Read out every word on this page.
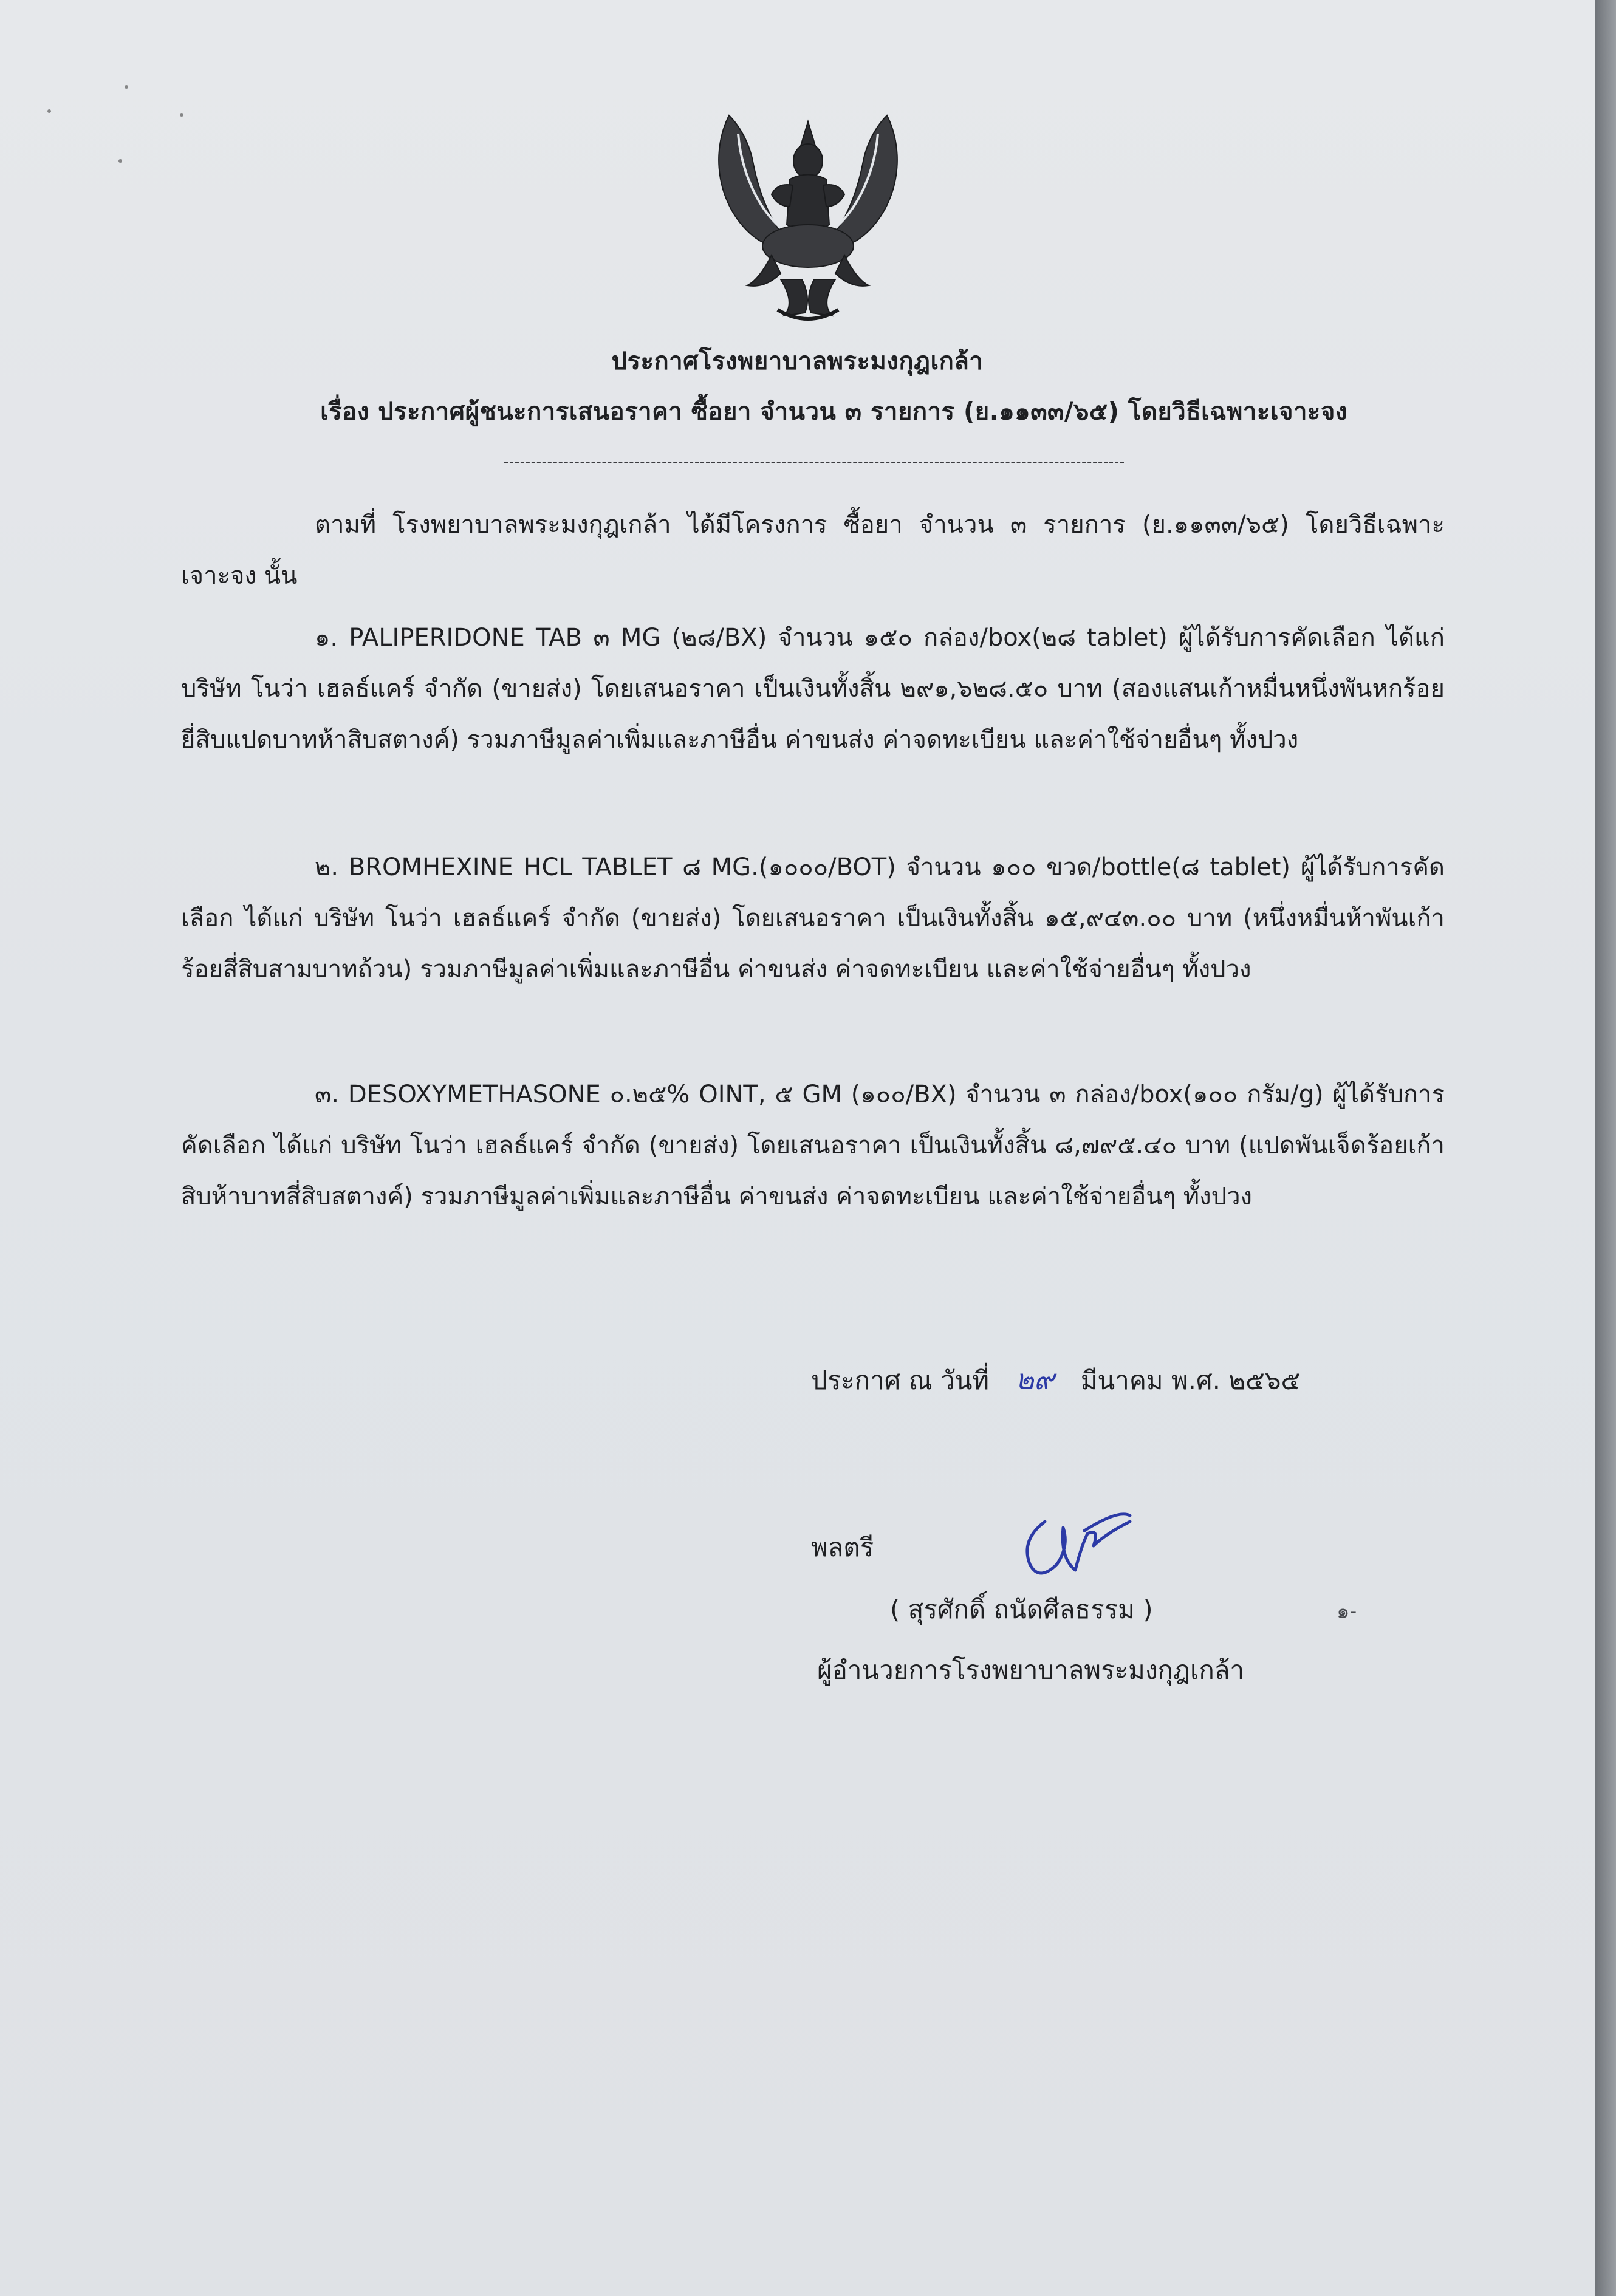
ประกาศโรงพยาบาลพระมงกุฎเกล้า
เรื่อง ประกาศผู้ชนะการเสนอราคา ซื้อยา จำนวน ๓ รายการ (ย.๑๑๓๓/๖๕) โดยวิธีเฉพาะเจาะจง

ตามที่ โรงพยาบาลพระมงกุฎเกล้า ได้มีโครงการ ซื้อยา จำนวน ๓ รายการ (ย.๑๑๓๓/๖๕) โดยวิธีเฉพาะเจาะจง นั้น

๑. PALIPERIDONE TAB ๓ MG (๒๘/BX) จำนวน ๑๕๐ กล่อง/box(๒๘ tablet) ผู้ได้รับการคัดเลือก ได้แก่ บริษัท โนว่า เฮลธ์แคร์ จำกัด (ขายส่ง) โดยเสนอราคา เป็นเงินทั้งสิ้น ๒๙๑,๖๒๘.๕๐ บาท (สองแสนเก้าหมื่นหนึ่งพันหกร้อยยี่สิบแปดบาทห้าสิบสตางค์) รวมภาษีมูลค่าเพิ่มและภาษีอื่น ค่าขนส่ง ค่าจดทะเบียน และค่าใช้จ่ายอื่นๆ ทั้งปวง

๒. BROMHEXINE HCL TABLET ๘ MG.(๑๐๐๐/BOT) จำนวน ๑๐๐ ขวด/bottle(๘ tablet) ผู้ได้รับการคัดเลือก ได้แก่ บริษัท โนว่า เฮลธ์แคร์ จำกัด (ขายส่ง) โดยเสนอราคา เป็นเงินทั้งสิ้น ๑๕,๙๔๓.๐๐ บาท (หนึ่งหมื่นห้าพันเก้าร้อยสี่สิบสามบาทถ้วน) รวมภาษีมูลค่าเพิ่มและภาษีอื่น ค่าขนส่ง ค่าจดทะเบียน และค่าใช้จ่ายอื่นๆ ทั้งปวง

๓. DESOXYMETHASONE ๐.๒๕% OINT, ๕ GM (๑๐๐/BX) จำนวน ๓ กล่อง/box(๑๐๐ กรัม/g) ผู้ได้รับการคัดเลือก ได้แก่ บริษัท โนว่า เฮลธ์แคร์ จำกัด (ขายส่ง) โดยเสนอราคา เป็นเงินทั้งสิ้น ๘,๗๙๕.๔๐ บาท (แปดพันเจ็ดร้อยเก้าสิบห้าบาทสี่สิบสตางค์) รวมภาษีมูลค่าเพิ่มและภาษีอื่น ค่าขนส่ง ค่าจดทะเบียน และค่าใช้จ่ายอื่นๆ ทั้งปวง

ประกาศ ณ วันที่ ๒๙ มีนาคม พ.ศ. ๒๕๖๕
พลตรี
( สุรศักดิ์ ถนัดศีลธรรม )
ผู้อำนวยการโรงพยาบาลพระมงกุฎเกล้า
๑-
